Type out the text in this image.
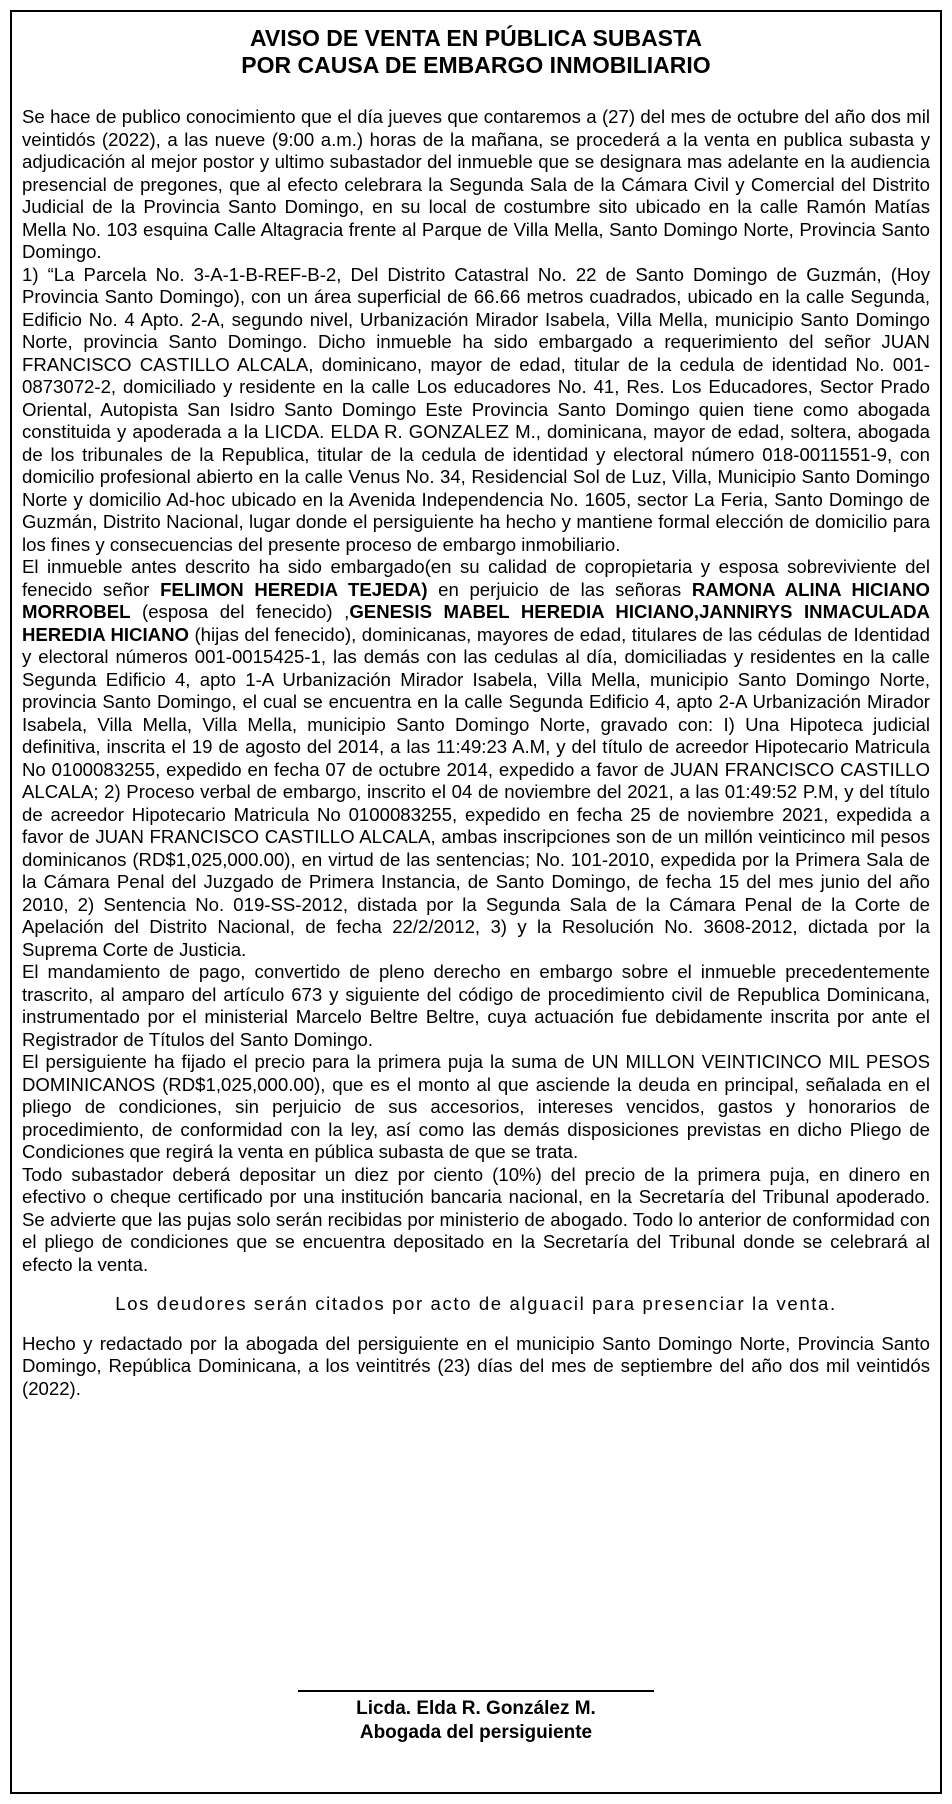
AVISO DE VENTA EN PÚBLICA SUBASTA
POR CAUSA DE EMBARGO INMOBILIARIO

Se hace de publico conocimiento que el día jueves que contaremos a (27) del mes de octubre del año dos mil veintidós (2022), a las nueve (9:00 a.m.) horas de la mañana, se procederá a la venta en publica subasta y adjudicación al mejor postor y ultimo subastador del inmueble que se designara mas adelante en la audiencia presencial de pregones, que al efecto celebrara la Segunda Sala de la Cámara Civil y Comercial del Distrito Judicial de la Provincia Santo Domingo, en su local de costumbre sito ubicado en la calle Ramón Matías Mella No. 103 esquina Calle Altagracia frente al Parque de Villa Mella, Santo Domingo Norte, Provincia Santo Domingo.

1) “La Parcela No. 3-A-1-B-REF-B-2, Del Distrito Catastral No. 22 de Santo Domingo de Guzmán, (Hoy Provincia Santo Domingo), con un área superficial de 66.66 metros cuadrados, ubicado en la calle Segunda, Edificio No. 4 Apto. 2-A, segundo nivel, Urbanización Mirador Isabela, Villa Mella, municipio Santo Domingo Norte, provincia Santo Domingo. Dicho inmueble ha sido embargado a requerimiento del señor JUAN FRANCISCO CASTILLO ALCALA, dominicano, mayor de edad, titular de la cedula de identidad No. 001-0873072-2, domiciliado y residente en la calle Los educadores No. 41, Res. Los Educadores, Sector Prado Oriental, Autopista San Isidro Santo Domingo Este Provincia Santo Domingo quien tiene como abogada constituida y apoderada a la LICDA. ELDA R. GONZALEZ M., dominicana, mayor de edad, soltera, abogada de los tribunales de la Republica, titular de la cedula de identidad y electoral número 018-0011551-9, con domicilio profesional abierto en la calle Venus No. 34, Residencial Sol de Luz, Villa, Municipio Santo Domingo Norte y domicilio Ad-hoc ubicado en la Avenida Independencia No. 1605, sector La Feria, Santo Domingo de Guzmán, Distrito Nacional, lugar donde el persiguiente ha hecho y mantiene formal elección de domicilio para los fines y consecuencias del presente proceso de embargo inmobiliario.

El inmueble antes descrito ha sido embargado(en su calidad de copropietaria y esposa sobreviviente del fenecido señor FELIMON HEREDIA TEJEDA) en perjuicio de las señoras RAMONA ALINA HICIANO MORROBEL (esposa del fenecido) ,GENESIS MABEL HEREDIA HICIANO,JANNIRYS INMACULADA HEREDIA HICIANO (hijas del fenecido), dominicanas, mayores de edad, titulares de las cédulas de Identidad y electoral números 001-0015425-1, las demás con las cedulas al día, domiciliadas y residentes en la calle Segunda Edificio 4, apto 1-A Urbanización Mirador Isabela, Villa Mella, municipio Santo Domingo Norte, provincia Santo Domingo, el cual se encuentra en la calle Segunda Edificio 4, apto 2-A Urbanización Mirador Isabela, Villa Mella, Villa Mella, municipio Santo Domingo Norte, gravado con: I) Una Hipoteca judicial definitiva, inscrita el 19 de agosto del 2014, a las 11:49:23 A.M, y del título de acreedor Hipotecario Matricula No 0100083255, expedido en fecha 07 de octubre 2014, expedido a favor de JUAN FRANCISCO CASTILLO ALCALA; 2) Proceso verbal de embargo, inscrito el 04 de noviembre del 2021, a las 01:49:52 P.M, y del título de acreedor Hipotecario Matricula No 0100083255, expedido en fecha 25 de noviembre 2021, expedida a favor de JUAN FRANCISCO CASTILLO ALCALA, ambas inscripciones son de un millón veinticinco mil pesos dominicanos (RD$1,025,000.00), en virtud de las sentencias; No. 101-2010, expedida por la Primera Sala de la Cámara Penal del Juzgado de Primera Instancia, de Santo Domingo, de fecha 15 del mes junio del año 2010, 2) Sentencia No. 019-SS-2012, distada por la Segunda Sala de la Cámara Penal de la Corte de Apelación del Distrito Nacional, de fecha 22/2/2012, 3) y la Resolución No. 3608-2012, dictada por la Suprema Corte de Justicia.

El mandamiento de pago, convertido de pleno derecho en embargo sobre el inmueble precedentemente trascrito, al amparo del artículo 673 y siguiente del código de procedimiento civil de Republica Dominicana, instrumentado por el ministerial Marcelo Beltre Beltre, cuya actuación fue debidamente inscrita por ante el Registrador de Títulos del Santo Domingo.

El persiguiente ha fijado el precio para la primera puja la suma de UN MILLON VEINTICINCO MIL PESOS DOMINICANOS (RD$1,025,000.00), que es el monto al que asciende la deuda en principal, señalada en el pliego de condiciones, sin perjuicio de sus accesorios, intereses vencidos, gastos y honorarios de procedimiento, de conformidad con la ley, así como las demás disposiciones previstas en dicho Pliego de Condiciones que regirá la venta en pública subasta de que se trata.

Todo subastador deberá depositar un diez por ciento (10%) del precio de la primera puja, en dinero en efectivo o cheque certificado por una institución bancaria nacional, en la Secretaría del Tribunal apoderado. Se advierte que las pujas solo serán recibidas por ministerio de abogado. Todo lo anterior de conformidad con el pliego de condiciones que se encuentra depositado en la Secretaría del Tribunal donde se celebrará al efecto la venta.

Los deudores serán citados por acto de alguacil para presenciar la venta.

Hecho y redactado por la abogada del persiguiente en el municipio Santo Domingo Norte, Provincia Santo Domingo, República Dominicana, a los veintitrés (23) días del mes de septiembre del año dos mil veintidós (2022).

Licda. Elda R. González M.
Abogada del persiguiente
